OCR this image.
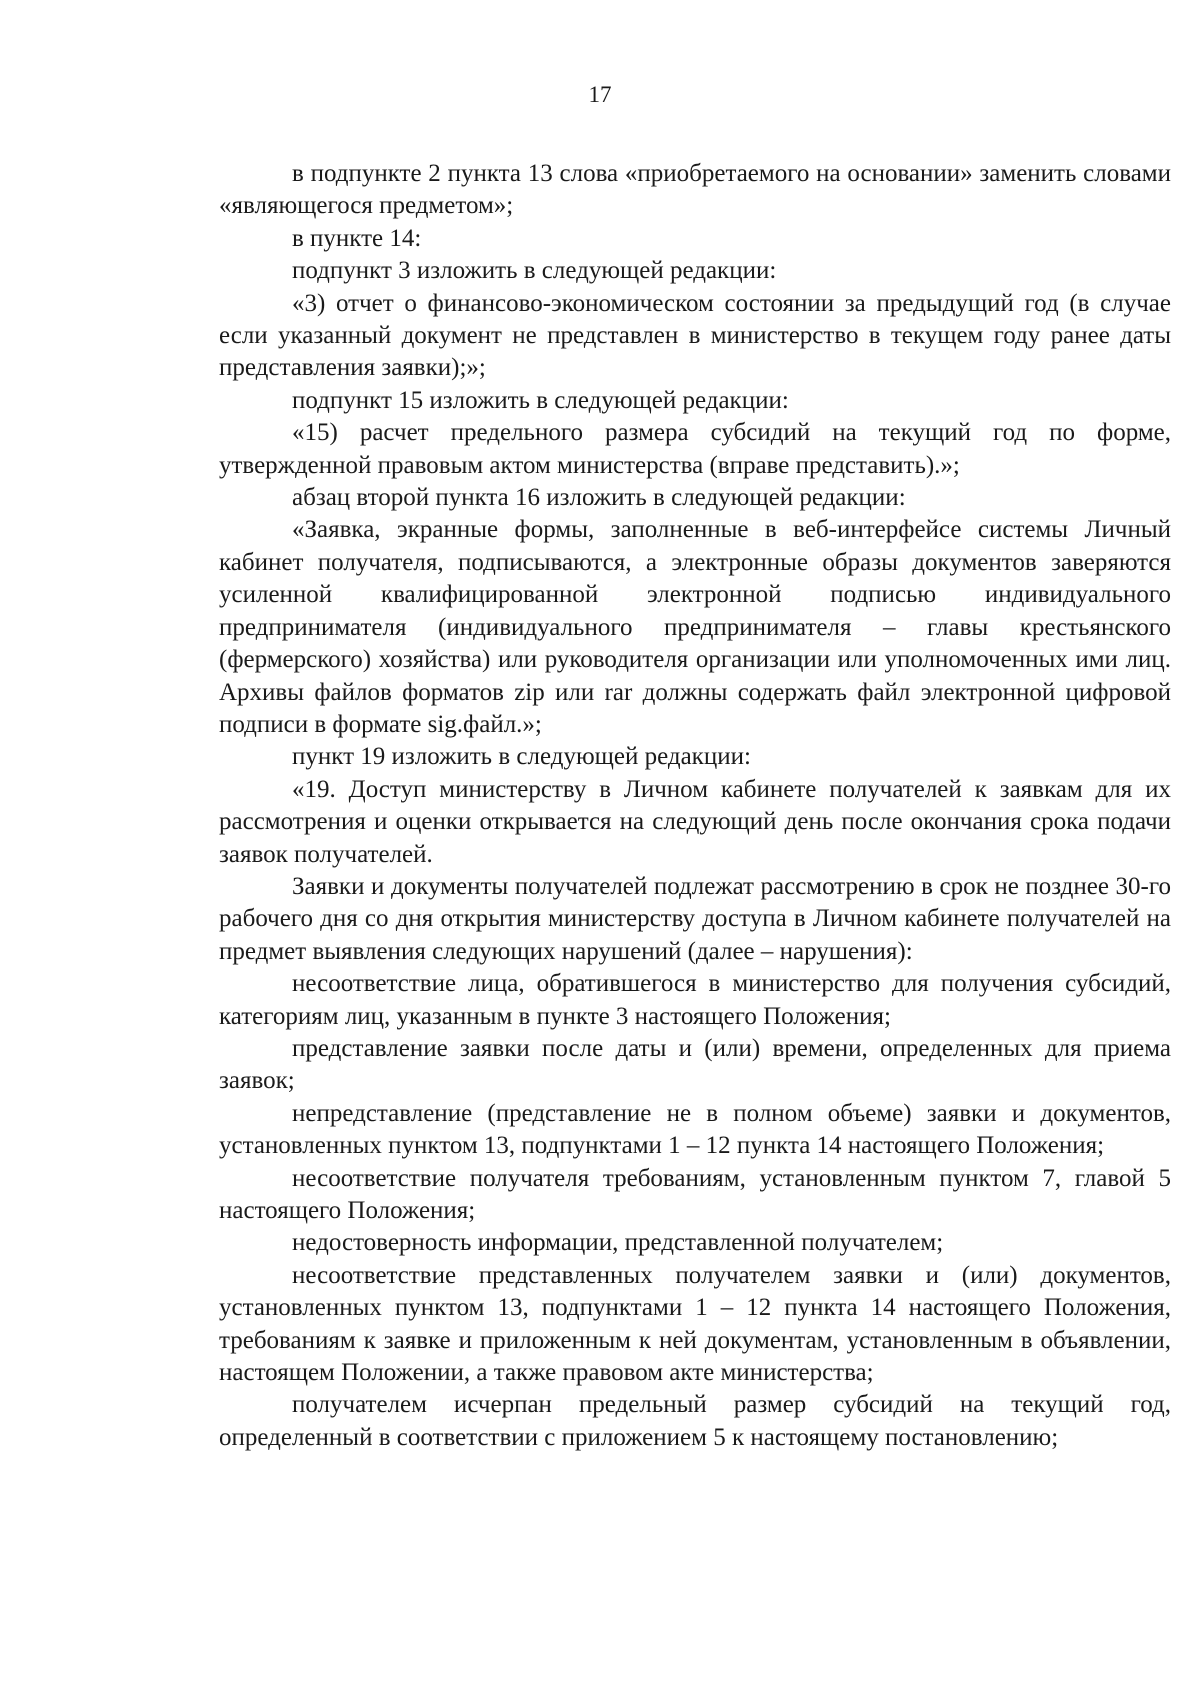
17

в подпункте 2 пункта 13 слова «приобретаемого на основании» заменить словами «являющегося предметом»;

в пункте 14:

подпункт 3 изложить в следующей редакции:

«3) отчет о финансово-экономическом состоянии за предыдущий год (в случае если указанный документ не представлен в министерство в текущем году ранее даты представления заявки);»;

подпункт 15 изложить в следующей редакции:

«15) расчет предельного размера субсидий на текущий год по форме, утвержденной правовым актом министерства (вправе представить).»;

абзац второй пункта 16 изложить в следующей редакции:

«Заявка, экранные формы, заполненные в веб-интерфейсе системы Личный кабинет получателя, подписываются, а электронные образы документов заверяются усиленной квалифицированной электронной подписью индивидуального предпринимателя (индивидуального предпринимателя – главы крестьянского (фермерского) хозяйства) или руководителя организации или уполномоченных ими лиц. Архивы файлов форматов zip или rar должны содержать файл электронной цифровой подписи в формате sig.файл.»;

пункт 19 изложить в следующей редакции:

«19. Доступ министерству в Личном кабинете получателей к заявкам для их рассмотрения и оценки открывается на следующий день после окончания срока подачи заявок получателей.

Заявки и документы получателей подлежат рассмотрению в срок не позднее 30-го рабочего дня со дня открытия министерству доступа в Личном кабинете получателей на предмет выявления следующих нарушений (далее – нарушения):

несоответствие лица, обратившегося в министерство для получения субсидий, категориям лиц, указанным в пункте 3 настоящего Положения;

представление заявки после даты и (или) времени, определенных для приема заявок;

непредставление (представление не в полном объеме) заявки и документов, установленных пунктом 13, подпунктами 1 – 12 пункта 14 настоящего Положения;

несоответствие получателя требованиям, установленным пунктом 7, главой 5 настоящего Положения;

недостоверность информации, представленной получателем;

несоответствие представленных получателем заявки и (или) документов, установленных пунктом 13, подпунктами 1 – 12 пункта 14 настоящего Положения, требованиям к заявке и приложенным к ней документам, установленным в объявлении, настоящем Положении, а также правовом акте министерства;

получателем исчерпан предельный размер субсидий на текущий год, определенный в соответствии с приложением 5 к настоящему постановлению;
